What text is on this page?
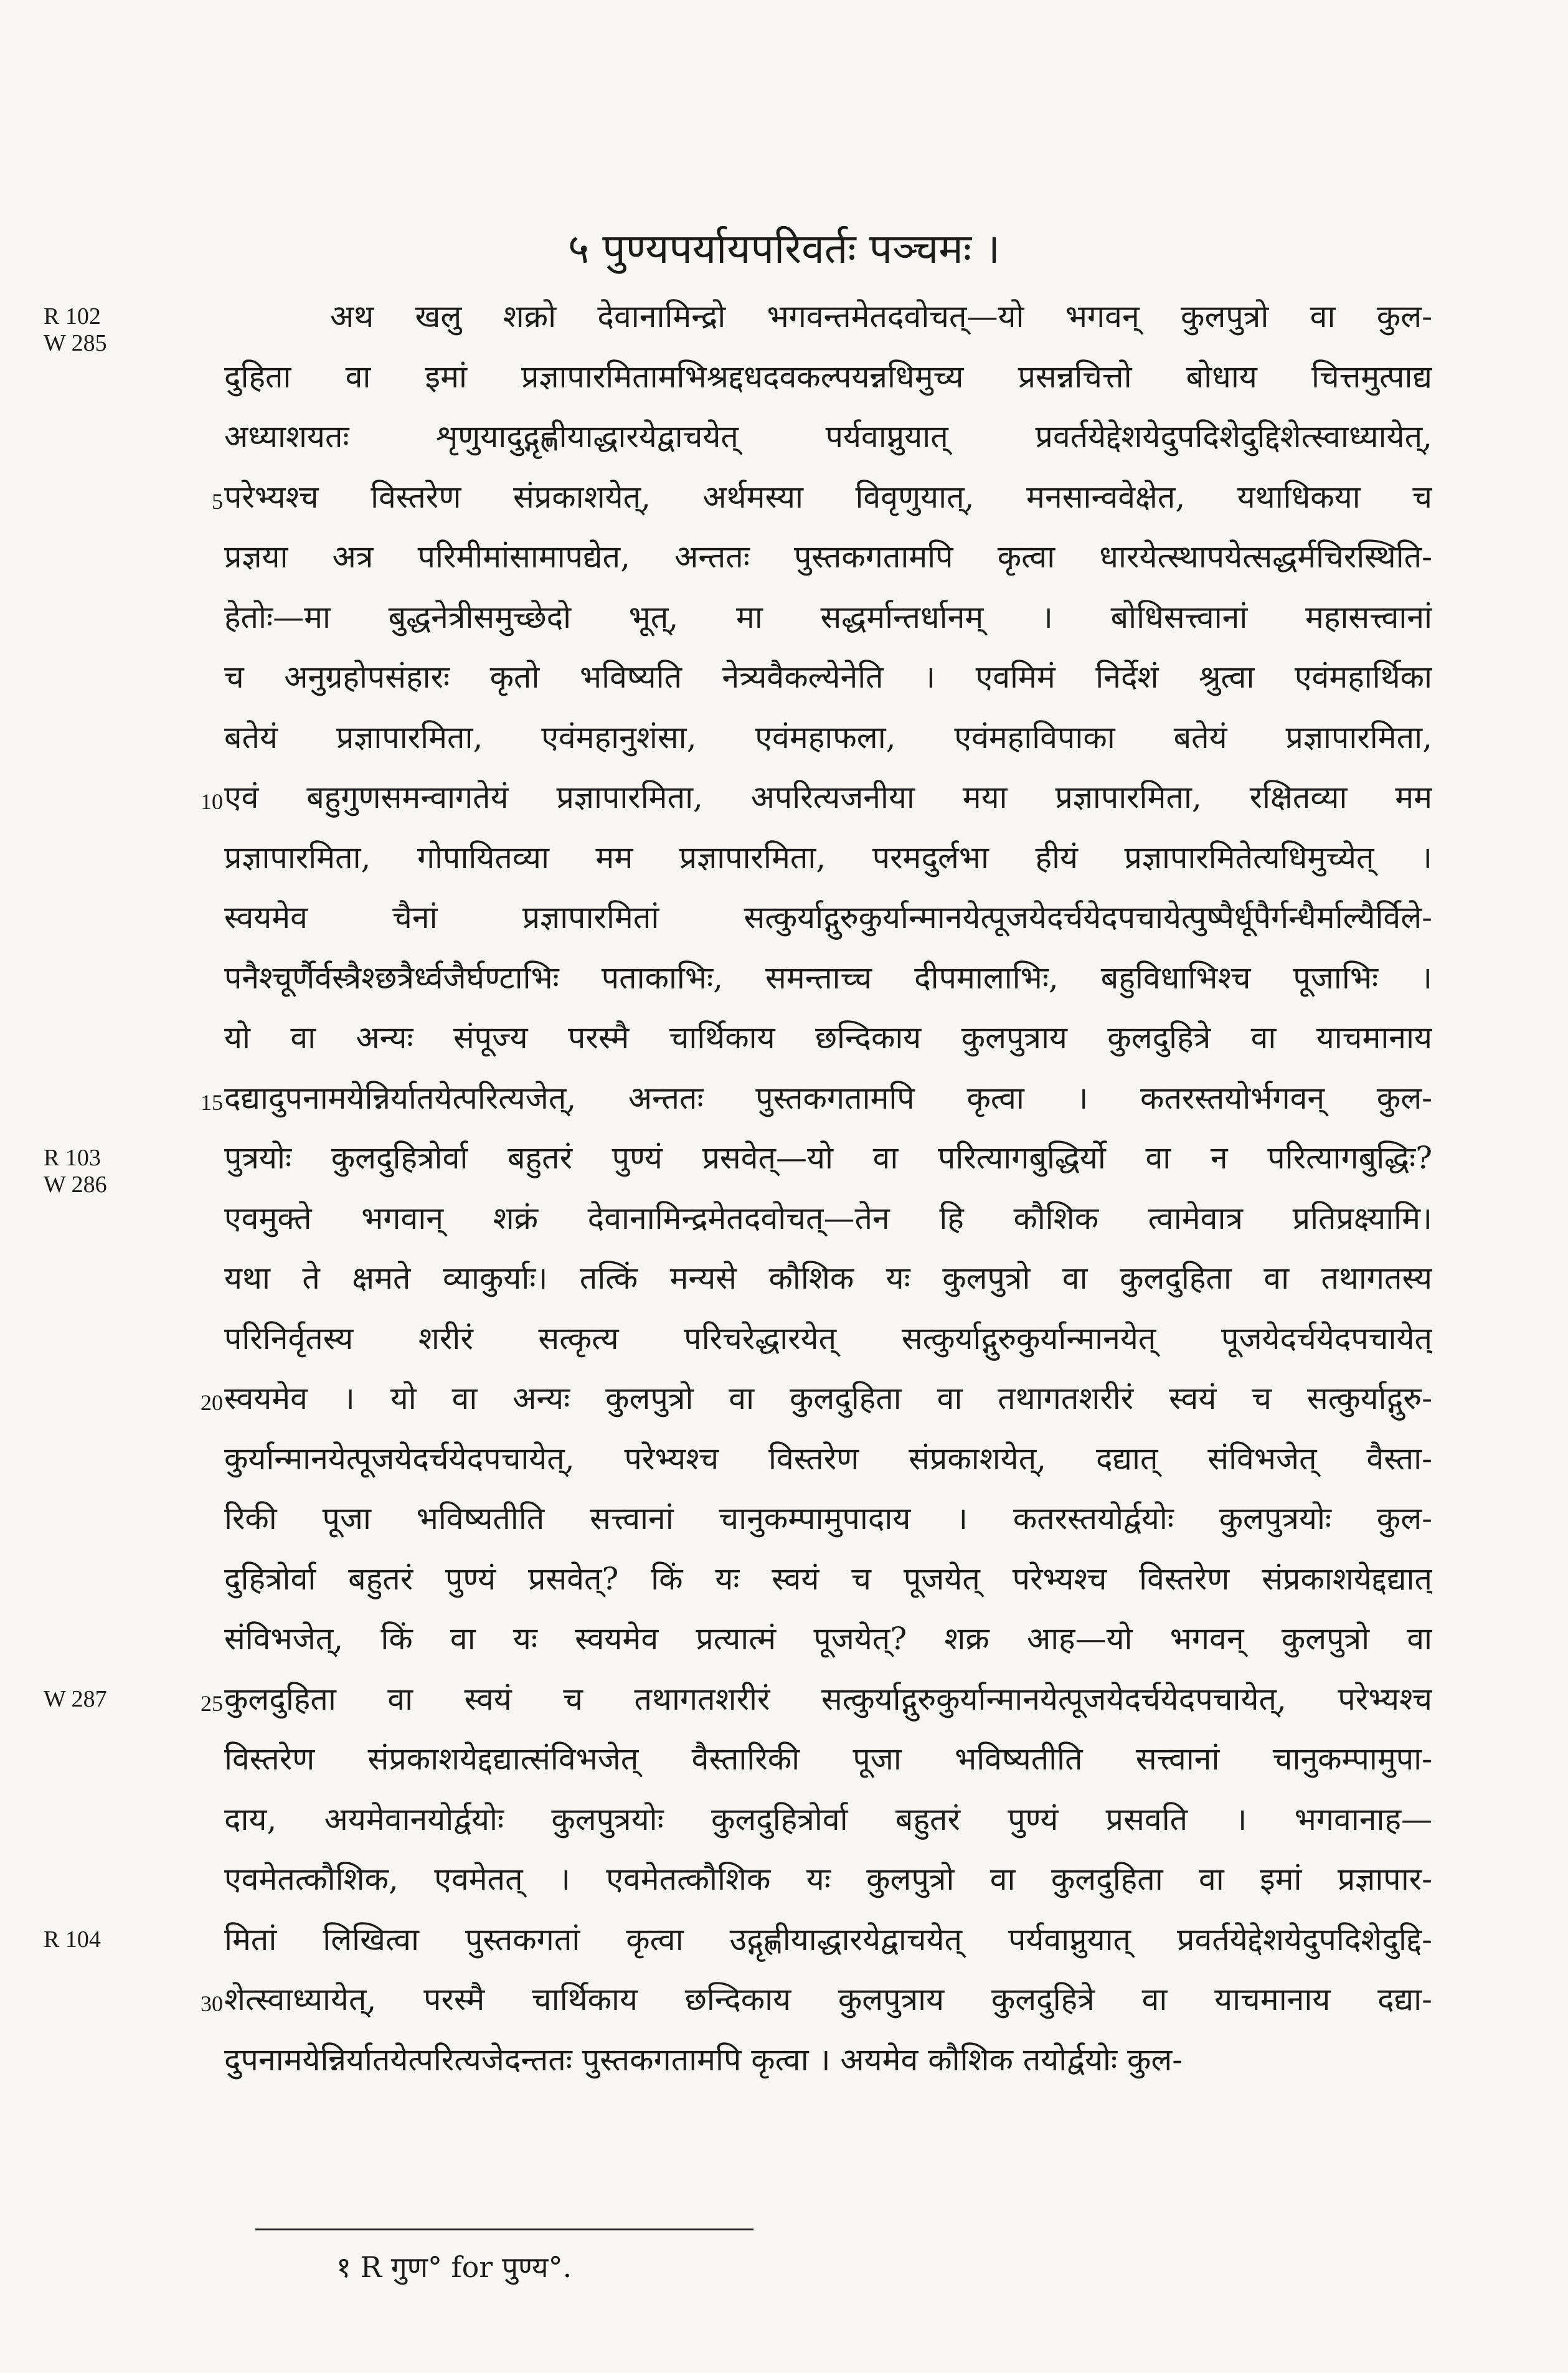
५ पुण्यपर्यायपरिवर्तः पञ्चमः ।
R 102
W 285
R 103
W 286
W 287
R 104
अथ खलु शक्रो देवानामिन्द्रो भगवन्तमेतदवोचत्—यो भगवन् कुलपुत्रो वा कुल-
दुहिता वा इमां प्रज्ञापारमितामभिश्रद्दधदवकल्पयन्नधिमुच्य प्रसन्नचित्तो बोधाय चित्तमुत्पाद्य
अध्याशयतः शृणुयादुद्गृह्णीयाद्धारयेद्वाचयेत् पर्यवाप्नुयात् प्रवर्तयेद्देशयेदुपदिशेदुद्दिशेत्स्वाध्यायेत्,
5 परेभ्यश्च विस्तरेण संप्रकाशयेत्, अर्थमस्या विवृणुयात्, मनसान्ववेक्षेत, यथाधिकया च
प्रज्ञया अत्र परिमीमांसामापद्येत, अन्ततः पुस्तकगतामपि कृत्वा धारयेत्स्थापयेत्सद्धर्मचिरस्थिति-
हेतोः—मा बुद्धनेत्रीसमुच्छेदो भूत्, मा सद्धर्मान्तर्धानम् । बोधिसत्त्वानां महासत्त्वानां
च अनुग्रहोपसंहारः कृतो भविष्यति नेत्र्यवैकल्येनेति । एवमिमं निर्देशं श्रुत्वा एवंमहार्थिका
बतेयं प्रज्ञापारमिता, एवंमहानुशंसा, एवंमहाफला, एवंमहाविपाका बतेयं प्रज्ञापारमिता,
10 एवं बहुगुणसमन्वागतेयं प्रज्ञापारमिता, अपरित्यजनीया मया प्रज्ञापारमिता, रक्षितव्या मम
प्रज्ञापारमिता, गोपायितव्या मम प्रज्ञापारमिता, परमदुर्लभा हीयं प्रज्ञापारमितेत्यधिमुच्येत् ।
स्वयमेव चैनां प्रज्ञापारमितां सत्कुर्याद्गुरुकुर्यान्मानयेत्पूजयेदर्चयेदपचायेत्पुष्पैर्धूपैर्गन्धैर्माल्यैर्विले-
पनैश्चूर्णैर्वस्त्रैश्छत्रैर्ध्वजैर्घण्टाभिः पताकाभिः, समन्ताच्च दीपमालाभिः, बहुविधाभिश्च पूजाभिः ।
यो वा अन्यः संपूज्य परस्मै चार्थिकाय छन्दिकाय कुलपुत्राय कुलदुहित्रे वा याचमानाय
15 दद्यादुपनामयेन्निर्यातयेत्परित्यजेत्, अन्ततः पुस्तकगतामपि कृत्वा । कतरस्तयोर्भगवन् कुल-
पुत्रयोः कुलदुहित्रोर्वा बहुतरं पुण्यं प्रसवेत्—यो वा परित्यागबुद्धिर्यो वा न परित्यागबुद्धिः?
एवमुक्ते भगवान् शक्रं देवानामिन्द्रमेतदवोचत्—तेन हि कौशिक त्वामेवात्र प्रतिप्रक्ष्यामि।
यथा ते क्षमते व्याकुर्याः। तत्किं मन्यसे कौशिक यः कुलपुत्रो वा कुलदुहिता वा तथागतस्य
परिनिर्वृतस्य शरीरं सत्कृत्य परिचरेद्धारयेत् सत्कुर्याद्गुरुकुर्यान्मानयेत् पूजयेदर्चयेदपचायेत्
20 स्वयमेव । यो वा अन्यः कुलपुत्रो वा कुलदुहिता वा तथागतशरीरं स्वयं च सत्कुर्याद्गुरु-
कुर्यान्मानयेत्पूजयेदर्चयेदपचायेत्, परेभ्यश्च विस्तरेण संप्रकाशयेत्, दद्यात् संविभजेत् वैस्ता-
रिकी पूजा भविष्यतीति सत्त्वानां चानुकम्पामुपादाय । कतरस्तयोर्द्वयोः कुलपुत्रयोः कुल-
दुहित्रोर्वा बहुतरं पुण्यं प्रसवेत्? किं यः स्वयं च पूजयेत् परेभ्यश्च विस्तरेण संप्रकाशयेद्दद्यात्
संविभजेत्, किं वा यः स्वयमेव प्रत्यात्मं पूजयेत्? शक्र आह—यो भगवन् कुलपुत्रो वा
25 कुलदुहिता वा स्वयं च तथागतशरीरं सत्कुर्याद्गुरुकुर्यान्मानयेत्पूजयेदर्चयेदपचायेत्, परेभ्यश्च
विस्तरेण संप्रकाशयेद्दद्यात्संविभजेत् वैस्तारिकी पूजा भविष्यतीति सत्त्वानां चानुकम्पामुपा-
दाय, अयमेवानयोर्द्वयोः कुलपुत्रयोः कुलदुहित्रोर्वा बहुतरं पुण्यं प्रसवति । भगवानाह—
एवमेतत्कौशिक, एवमेतत् । एवमेतत्कौशिक यः कुलपुत्रो वा कुलदुहिता वा इमां प्रज्ञापार-
मितां लिखित्वा पुस्तकगतां कृत्वा उद्गृह्णीयाद्धारयेद्वाचयेत् पर्यवाप्नुयात् प्रवर्तयेद्देशयेदुपदिशेदुद्दि-
30 शेत्स्वाध्यायेत्, परस्मै चार्थिकाय छन्दिकाय कुलपुत्राय कुलदुहित्रे वा याचमानाय दद्या-
दुपनामयेन्निर्यातयेत्परित्यजेदन्ततः पुस्तकगतामपि कृत्वा । अयमेव कौशिक तयोर्द्वयोः कुल-
१ R गुण° for पुण्य°.
